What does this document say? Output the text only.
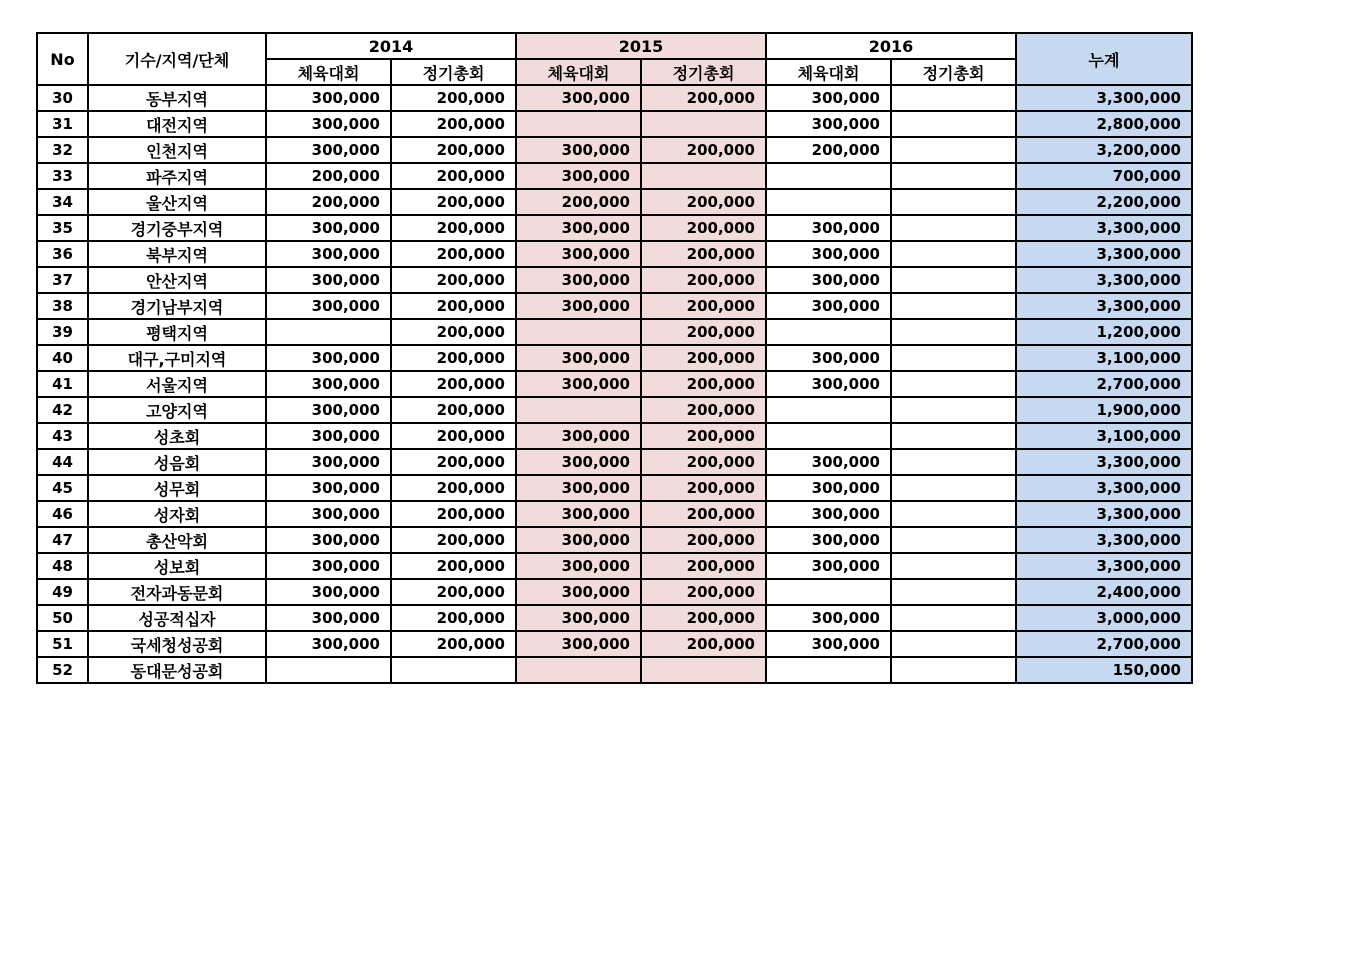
No	기수/지역/단체	2014		2015		2016		누계
		체육대회	정기총회	체육대회	정기총회	체육대회	정기총회	
30	동부지역	300,000	200,000	300,000	200,000	300,000		3,300,000
31	대전지역	300,000	200,000			300,000		2,800,000
32	인천지역	300,000	200,000	300,000	200,000	200,000		3,200,000
33	파주지역	200,000	200,000	300,000				700,000
34	울산지역	200,000	200,000	200,000	200,000			2,200,000
35	경기중부지역	300,000	200,000	300,000	200,000	300,000		3,300,000
36	북부지역	300,000	200,000	300,000	200,000	300,000		3,300,000
37	안산지역	300,000	200,000	300,000	200,000	300,000		3,300,000
38	경기남부지역	300,000	200,000	300,000	200,000	300,000		3,300,000
39	평택지역		200,000		200,000			1,200,000
40	대구,구미지역	300,000	200,000	300,000	200,000	300,000		3,100,000
41	서울지역	300,000	200,000	300,000	200,000	300,000		2,700,000
42	고양지역	300,000	200,000		200,000			1,900,000
43	성초회	300,000	200,000	300,000	200,000			3,100,000
44	성음회	300,000	200,000	300,000	200,000	300,000		3,300,000
45	성무회	300,000	200,000	300,000	200,000	300,000		3,300,000
46	성자회	300,000	200,000	300,000	200,000	300,000		3,300,000
47	총산악회	300,000	200,000	300,000	200,000	300,000		3,300,000
48	성보회	300,000	200,000	300,000	200,000	300,000		3,300,000
49	전자과동문회	300,000	200,000	300,000	200,000			2,400,000
50	성공적십자	300,000	200,000	300,000	200,000	300,000		3,000,000
51	국세청성공회	300,000	200,000	300,000	200,000	300,000		2,700,000
52	동대문성공회							150,000
